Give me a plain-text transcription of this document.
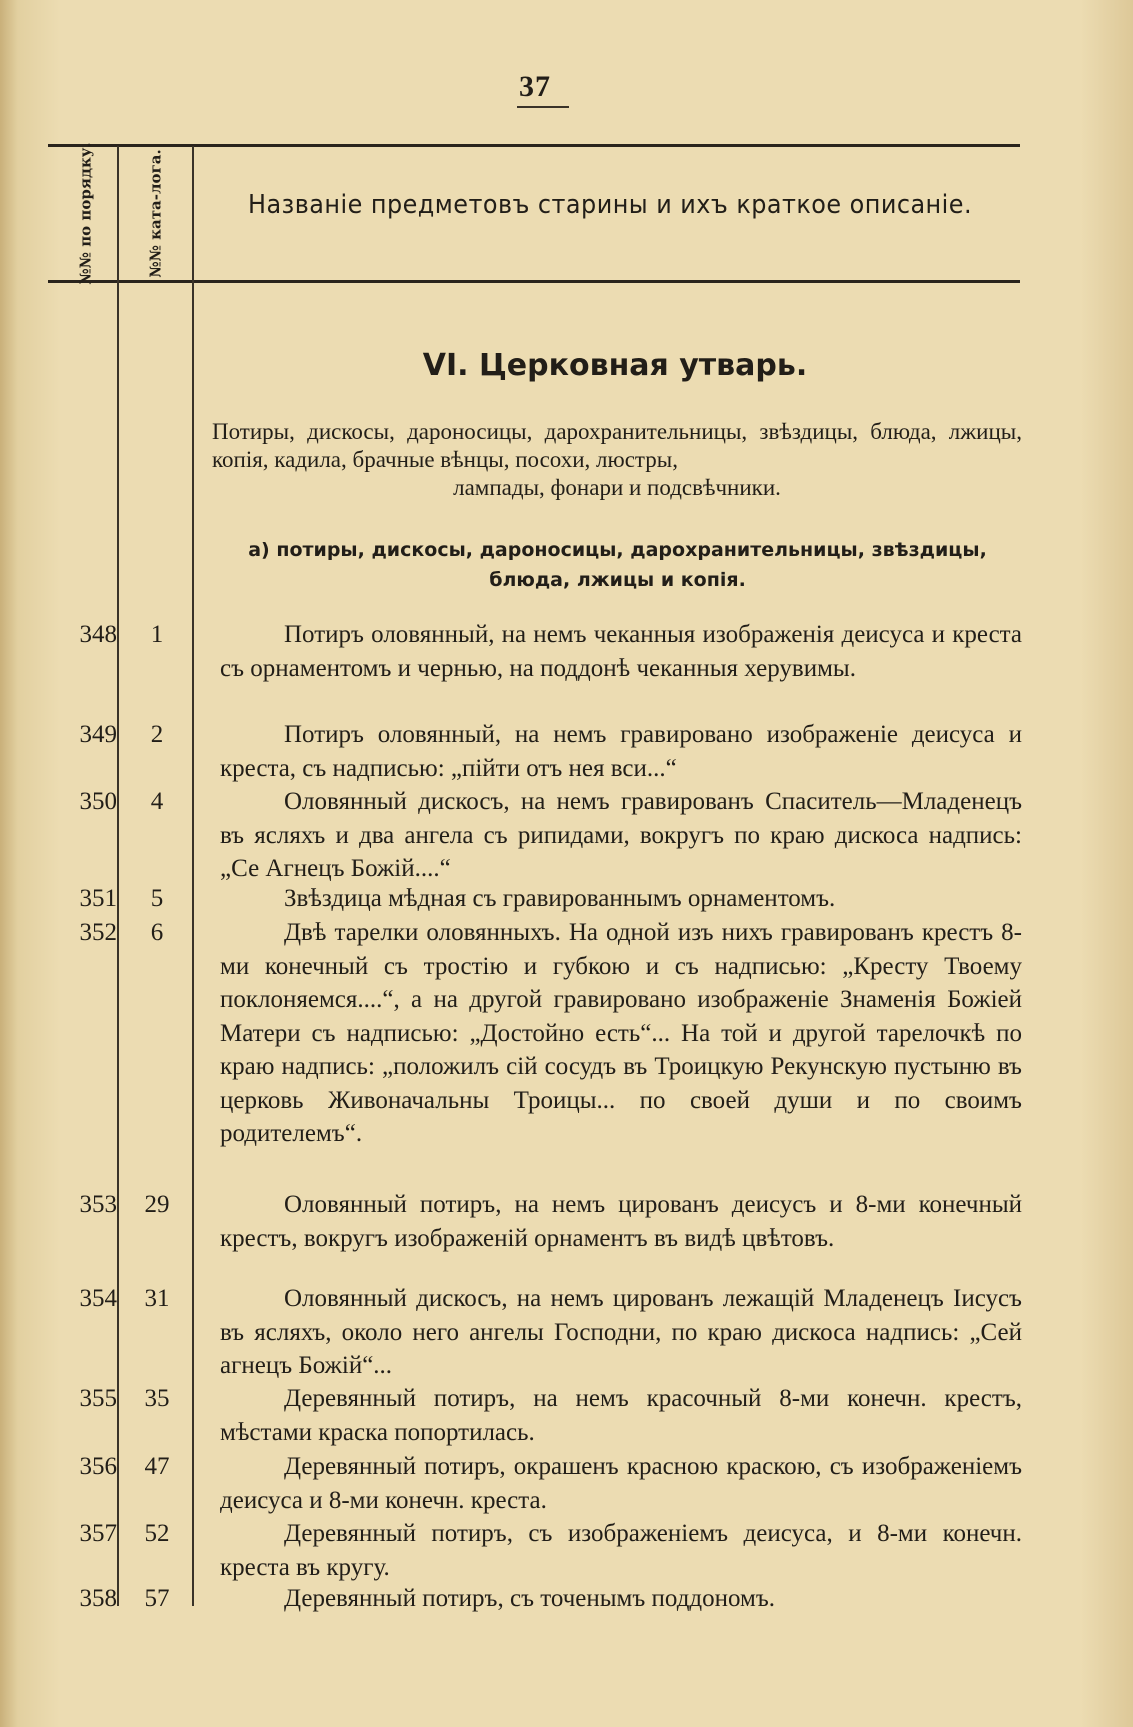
37
№№ по порядку.	№№ ката-лога.	Названіе предметовъ старины и ихъ краткое описаніе.
VI. Церковная утварь.
Потиры, дискосы, дароносицы, дарохранительницы, звѣздицы, блюда, лжицы, копія, кадила, брачные вѣнцы, посохи, люстры,
лампады, фонари и подсвѣчники.
а) потиры, дискосы, дароносицы, дарохранительницы, звѣздицы, блюда, лжицы и копія.
348	1	Потиръ оловянный, на немъ чеканныя изображенія деисуса и креста съ орнаментомъ и чернью, на поддонѣ чеканныя херувимы.
349	2	Потиръ оловянный, на немъ гравировано изображеніе деисуса и креста, съ надписью: „пійти отъ нея вси...“
350	4	Оловянный дискосъ, на немъ гравированъ Спаситель—Младенецъ въ ясляхъ и два ангела съ рипидами, вокругъ по краю дискоса надпись: „Се Агнецъ Божій....“
351	5	Звѣздица мѣдная съ гравированнымъ орнаментомъ.
352	6	Двѣ тарелки оловянныхъ. На одной изъ нихъ гравированъ крестъ 8-ми конечный съ тростію и губкою и съ надписью: „Кресту Твоему поклоняемся....“, а на другой гравировано изображеніе Знаменія Божіей Матери съ надписью: „Достойно есть“... На той и другой тарелочкѣ по краю надпись: „положилъ сій сосудъ въ Троицкую Рекунскую пустыню въ церковь Живоначальны Троицы... по своей души и по своимъ родителемъ“.
353	29	Оловянный потиръ, на немъ цированъ деисусъ и 8-ми конечный крестъ, вокругъ изображеній орнаментъ въ видѣ цвѣтовъ.
354	31	Оловянный дискосъ, на немъ цированъ лежащій Младенецъ Іисусъ въ ясляхъ, около него ангелы Господни, по краю дискоса надпись: „Сей агнецъ Божій“...
355	35	Деревянный потиръ, на немъ красочный 8-ми конечн. крестъ, мѣстами краска попортилась.
356	47	Деревянный потиръ, окрашенъ красною краскою, съ изображеніемъ деисуса и 8-ми конечн. креста.
357	52	Деревянный потиръ, съ изображеніемъ деисуса, и 8-ми конечн. креста въ кругу.
358	57	Деревянный потиръ, съ точенымъ поддономъ.
